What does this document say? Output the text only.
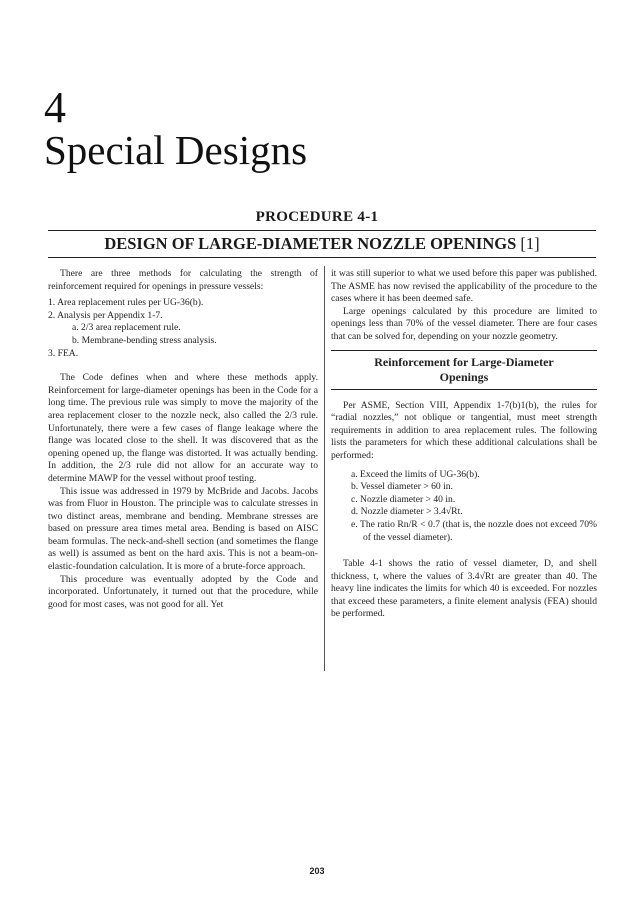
4
Special Designs
PROCEDURE 4-1
DESIGN OF LARGE-DIAMETER NOZZLE OPENINGS [1]

There are three methods for calculating the strength of reinforcement required for openings in pressure vessels:

1. Area replacement rules per UG-36(b).
2. Analysis per Appendix 1-7.
a. 2/3 area replacement rule.
b. Membrane-bending stress analysis.
3. FEA.

The Code defines when and where these methods apply. Reinforcement for large-diameter openings has been in the Code for a long time. The previous rule was simply to move the majority of the area replacement closer to the nozzle neck, also called the 2/3 rule. Unfortunately, there were a few cases of flange leakage where the flange was located close to the shell. It was discovered that as the opening opened up, the flange was distorted. It was actually bending. In addition, the 2/3 rule did not allow for an accurate way to determine MAWP for the vessel without proof testing.

This issue was addressed in 1979 by McBride and Jacobs. Jacobs was from Fluor in Houston. The principle was to calculate stresses in two distinct areas, membrane and bending. Membrane stresses are based on pressure area times metal area. Bending is based on AISC beam formulas. The neck-and-shell section (and sometimes the flange as well) is assumed as bent on the hard axis. This is not a beam-on-elastic-foundation calculation. It is more of a brute-force approach.

This procedure was eventually adopted by the Code and incorporated. Unfortunately, it turned out that the procedure, while good for most cases, was not good for all. Yet

it was still superior to what we used before this paper was published. The ASME has now revised the applicability of the procedure to the cases where it has been deemed safe.

Large openings calculated by this procedure are limited to openings less than 70% of the vessel diameter. There are four cases that can be solved for, depending on your nozzle geometry.

Reinforcement for Large-Diameter Openings

Per ASME, Section VIII, Appendix 1-7(b)1(b), the rules for “radial nozzles,” not oblique or tangential, must meet strength requirements in addition to area replacement rules. The following lists the parameters for which these additional calculations shall be performed:

a. Exceed the limits of UG-36(b).
b. Vessel diameter > 60 in.
c. Nozzle diameter > 40 in.
d. Nozzle diameter > 3.4√Rt.
e. The ratio Rn/R < 0.7 (that is, the nozzle does not exceed 70% of the vessel diameter).

Table 4-1 shows the ratio of vessel diameter, D, and shell thickness, t, where the values of 3.4√Rt are greater than 40. The heavy line indicates the limits for which 40 is exceeded. For nozzles that exceed these parameters, a finite element analysis (FEA) should be performed.

203
